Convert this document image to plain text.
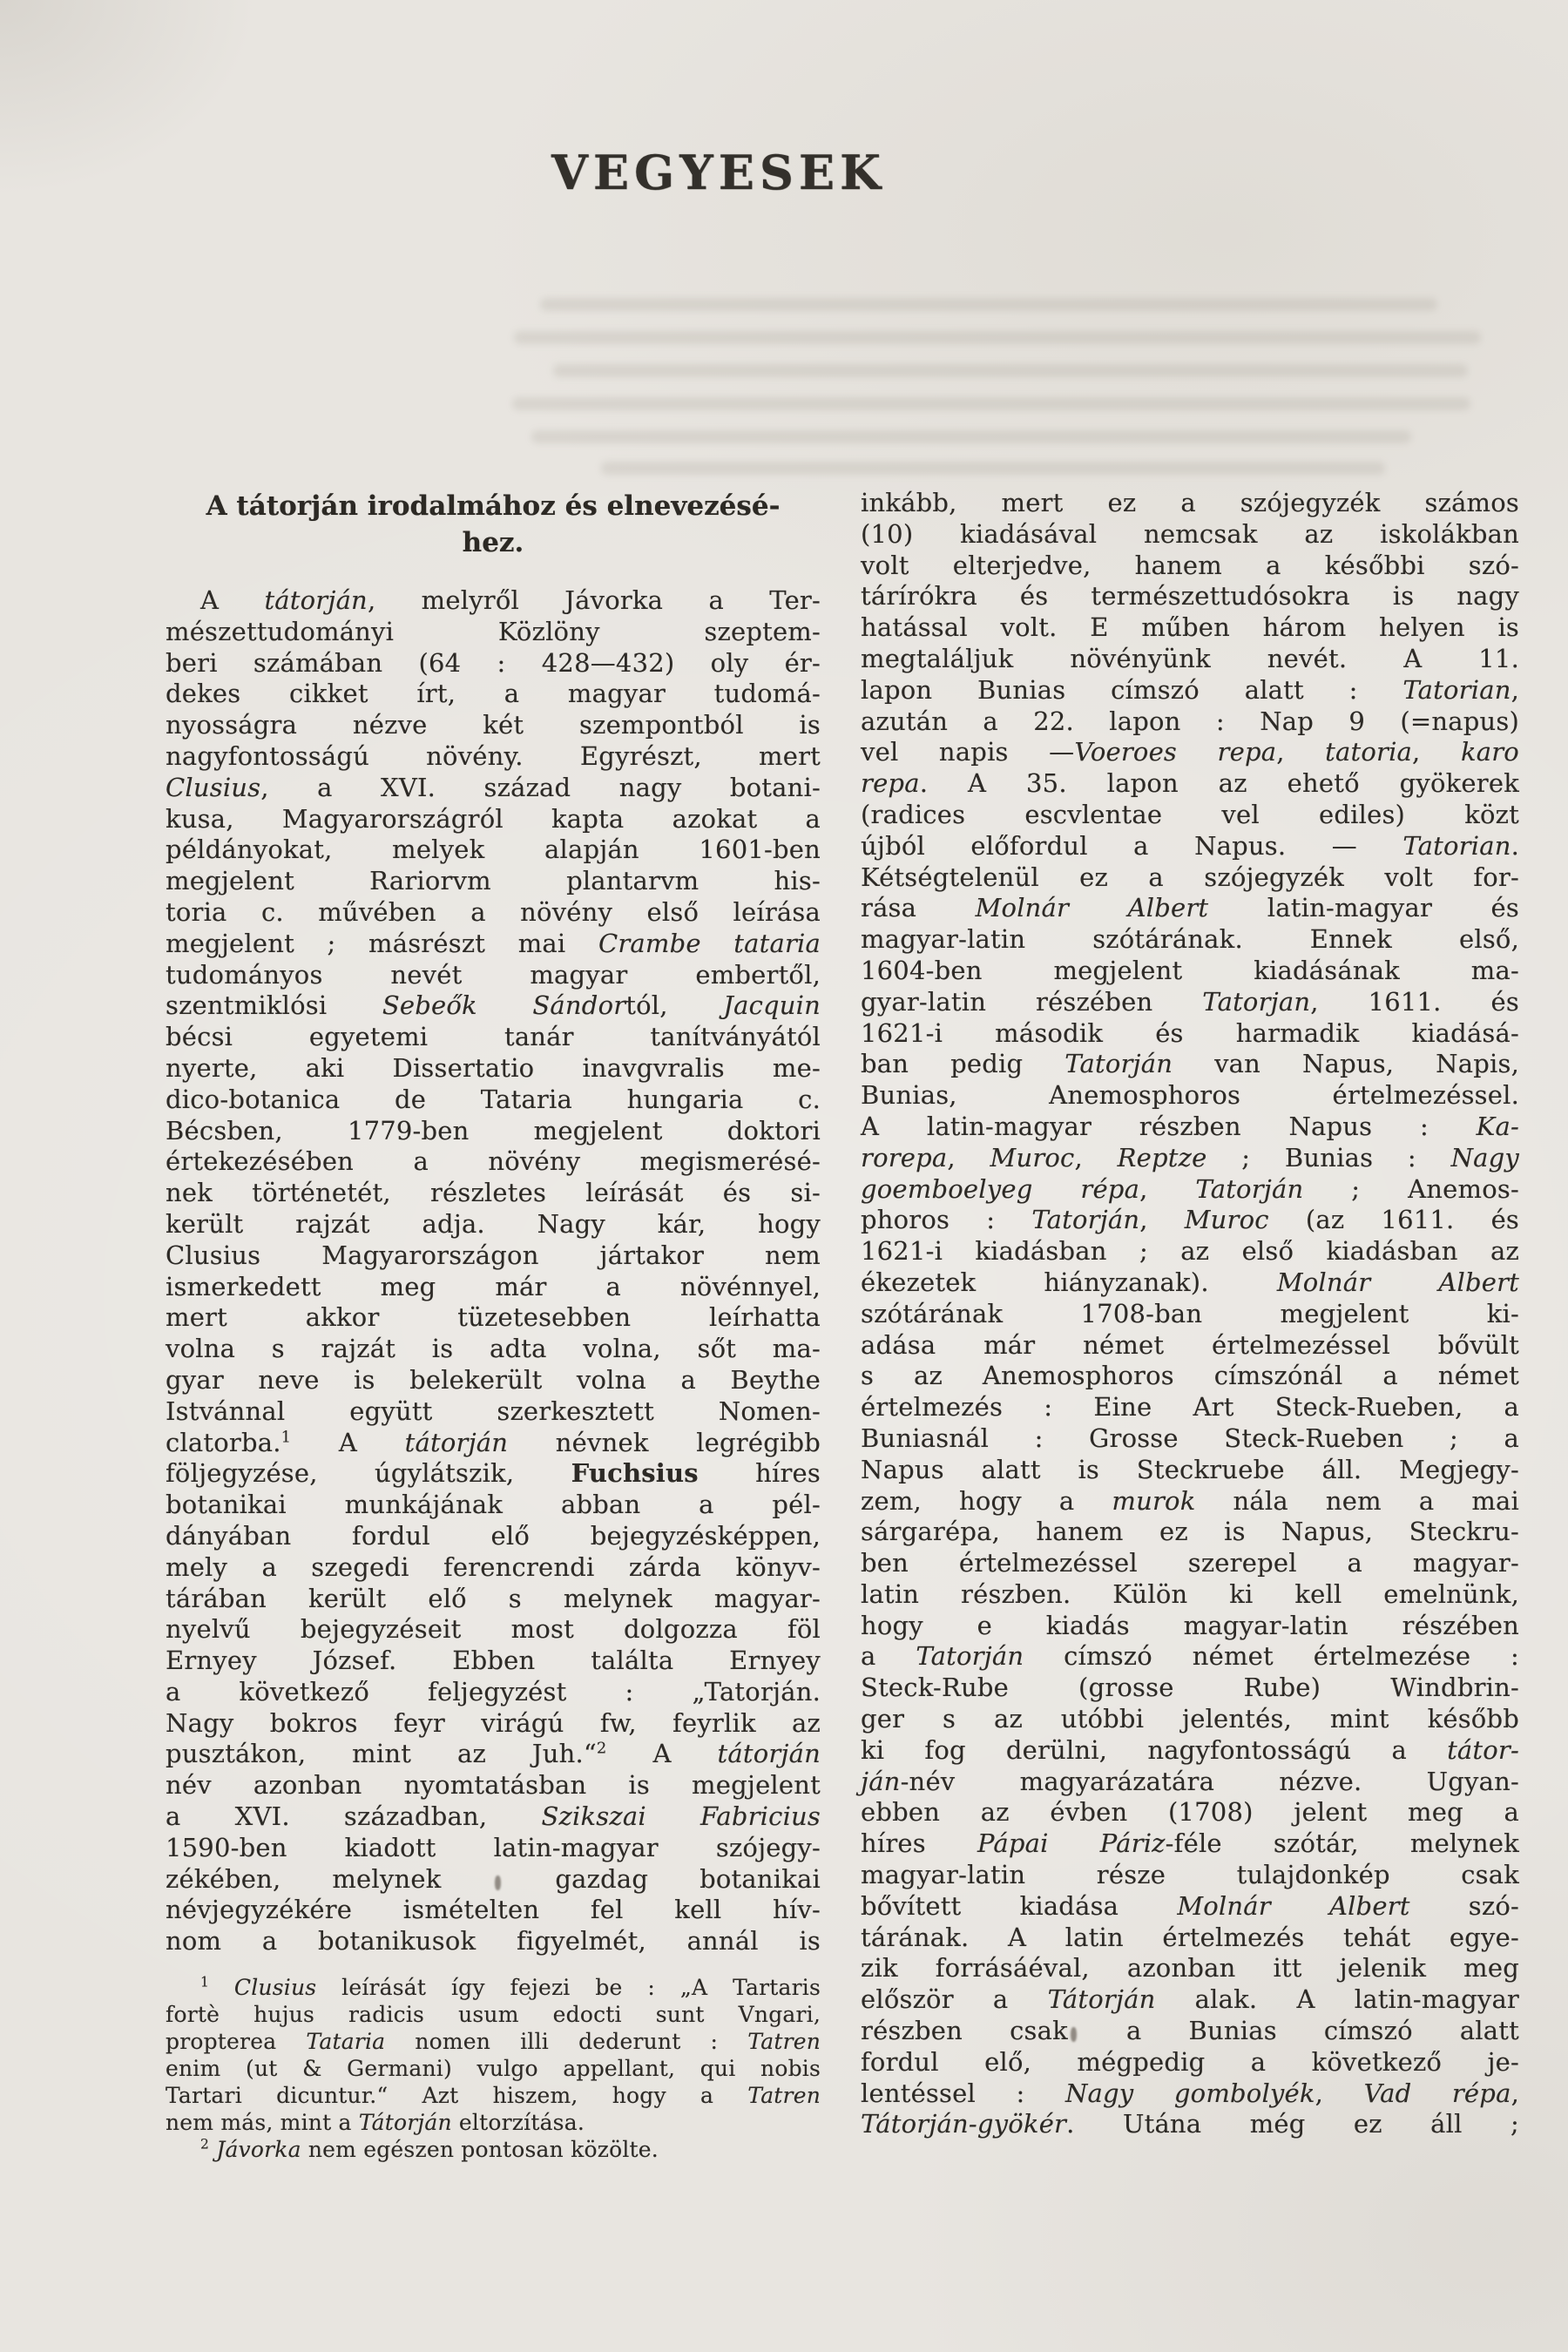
VEGYESEK
A tátorján irodalmához és elnevezésé-
hez.
A tátorján, melyről Jávorka a Ter-
mészettudományi Közlöny szeptem-
beri számában (64 : 428—432) oly ér-
dekes cikket írt, a magyar tudomá-
nyosságra nézve két szempontból is
nagyfontosságú növény. Egyrészt, mert
Clusius, a XVI. század nagy botani-
kusa, Magyarországról kapta azokat a
példányokat, melyek alapján 1601-ben
megjelent Rariorvm plantarvm his-
toria c. művében a növény első leírása
megjelent ; másrészt mai Crambe tataria
tudományos nevét magyar embertől,
szentmiklósi Sebeők Sándortól, Jacquin
bécsi egyetemi tanár tanítványától
nyerte, aki Dissertatio inavgvralis me-
dico-botanica de Tataria hungaria c.
Bécsben, 1779-ben megjelent doktori
értekezésében a növény megismerésé-
nek történetét, részletes leírását és si-
került rajzát adja. Nagy kár, hogy
Clusius Magyarországon jártakor nem
ismerkedett meg már a növénnyel,
mert akkor tüzetesebben leírhatta
volna s rajzát is adta volna, sőt ma-
gyar neve is belekerült volna a Beythe
Istvánnal együtt szerkesztett Nomen-
clatorba.$^1$ A tátorján névnek legrégibb
följegyzése, úgylátszik, Fuchsius híres
botanikai munkájának abban a pél-
dányában fordul elő bejegyzésképpen,
mely a szegedi ferencrendi zárda könyv-
tárában került elő s melynek magyar-
nyelvű bejegyzéseit most dolgozza föl
Ernyey József. Ebben találta Ernyey
a következő feljegyzést : „Tatorján.
Nagy bokros feyr virágú fw, feyrlik az
pusztákon, mint az Juh.“$^2$ A tátorján
név azonban nyomtatásban is megjelent
a XVI. században, Szikszai Fabricius
1590-ben kiadott latin-magyar szójegy-
zékében, melynek  gazdag botanikai
névjegyzékére ismételten fel kell hív-
nom a botanikusok figyelmét, annál is
$^1$ Clusius leírását így fejezi be : „A Tartaris
fortè hujus radicis usum edocti sunt Vngari,
propterea Tataria nomen illi dederunt : Tatren
enim (ut & Germani) vulgo appellant, qui nobis
Tartari dicuntur.“ Azt hiszem, hogy a Tatren
nem más, mint a Tátorján eltorzítása.
$^2$ Jávorka nem egészen pontosan közölte.
inkább, mert ez a szójegyzék számos
(10) kiadásával nemcsak az iskolákban
volt elterjedve, hanem a későbbi szó-
tárírókra és természettudósokra is nagy
hatással volt. E műben három helyen is
megtaláljuk növényünk nevét. A 11.
lapon Bunias címszó alatt : Tatorian,
azután a 22. lapon : Nap 9 (=napus)
vel napis —Voeroes repa, tatoria, karo
repa. A 35. lapon az ehető gyökerek
(radices escvlentae vel ediles) közt
újból előfordul a Napus. — Tatorian.
Kétségtelenül ez a szójegyzék volt for-
rása Molnár Albert latin-magyar és
magyar-latin szótárának. Ennek első,
1604-ben megjelent kiadásának ma-
gyar-latin részében Tatorjan, 1611. és
1621-i második és harmadik kiadásá-
ban pedig Tatorján van Napus, Napis,
Bunias, Anemosphoros értelmezéssel.
A latin-magyar részben Napus : Ka-
rorepa, Muroc, Reptze ; Bunias : Nagy
goemboelyeg répa, Tatorján ; Anemos-
phoros : Tatorján, Muroc (az 1611. és
1621-i kiadásban ; az első kiadásban az
ékezetek hiányzanak). Molnár Albert
szótárának 1708-ban megjelent ki-
adása már német értelmezéssel bővült
s az Anemosphoros címszónál a német
értelmezés : Eine Art Steck-Rueben, a
Buniasnál : Grosse Steck-Rueben ; a
Napus alatt is Steckruebe áll. Megjegy-
zem, hogy a murok nála nem a mai
sárgarépa, hanem ez is Napus, Steckru-
ben értelmezéssel szerepel a magyar-
latin részben. Külön ki kell emelnünk,
hogy e kiadás magyar-latin részében
a Tatorján címszó német értelmezése :
Steck-Rube (grosse Rube) Windbrin-
ger s az utóbbi jelentés, mint később
ki fog derülni, nagyfontosságú a tátor-
ján-név magyarázatára nézve. Ugyan-
ebben az évben (1708) jelent meg a
híres Pápai Páriz-féle szótár, melynek
magyar-latin része tulajdonkép csak
bővített kiadása Molnár Albert szó-
tárának. A latin értelmezés tehát egye-
zik forrásáéval, azonban itt jelenik meg
először a Tátorján alak. A latin-magyar
részben csak a Bunias címszó alatt
fordul elő, mégpedig a következő je-
lentéssel : Nagy gombolyék, Vad répa,
Tátorján-gyökér. Utána még ez áll ;
